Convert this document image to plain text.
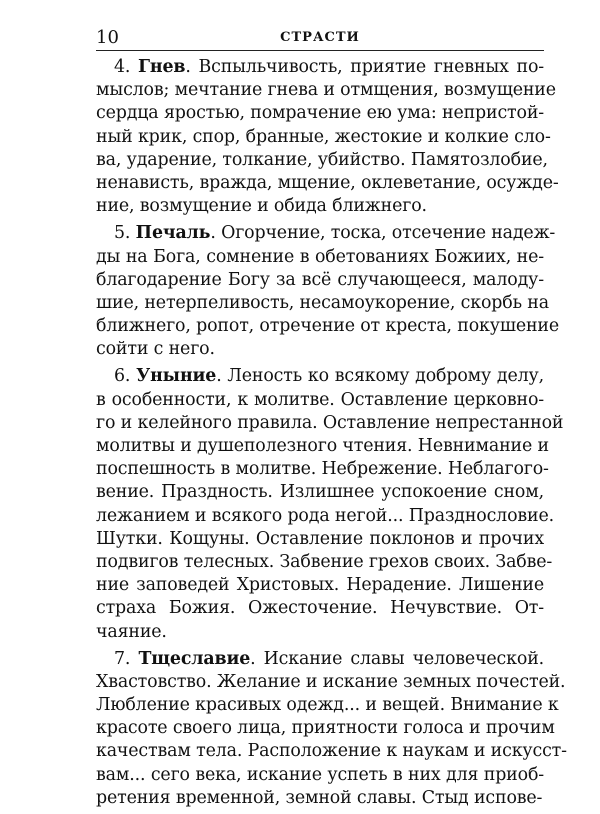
10	СТРАСТИ
4. Гнев. Вспыльчивость, приятие гневных по-
мыслов; мечтание гнева и отмщения, возмущение
сердца яростью, помрачение ею ума: непристой-
ный крик, спор, бранные, жестокие и колкие сло-
ва, ударение, толкание, убийство. Памятозлобие,
ненависть, вражда, мщение, оклеветание, осужде-
ние, возмущение и обида ближнего.
5. Печаль. Огорчение, тоска, отсечение надеж-
ды на Бога, сомнение в обетованиях Божиих, не-
благодарение Богу за всё случающееся, малоду-
шие, нетерпеливость, несамоукорение, скорбь на
ближнего, ропот, отречение от креста, покушение
сойти с него.
6. Уныние. Леность ко всякому доброму делу,
в особенности, к молитве. Оставление церковно-
го и келейного правила. Оставление непрестанной
молитвы и душеполезного чтения. Невнимание и
поспешность в молитве. Небрежение. Неблагого-
вение. Праздность. Излишнее успокоение сном,
лежанием и всякого рода негой... Празднословие.
Шутки. Кощуны. Оставление поклонов и прочих
подвигов телесных. Забвение грехов своих. Забве-
ние заповедей Христовых. Нерадение. Лишение
страха Божия. Ожесточение. Нечувствие. От-
чаяние.
7. Тщеславие. Искание славы человеческой.
Хвастовство. Желание и искание земных почестей.
Любление красивых одежд... и вещей. Внимание к
красоте своего лица, приятности голоса и прочим
качествам тела. Расположение к наукам и искусст-
вам... сего века, искание успеть в них для приоб-
ретения временной, земной славы. Стыд испове-
